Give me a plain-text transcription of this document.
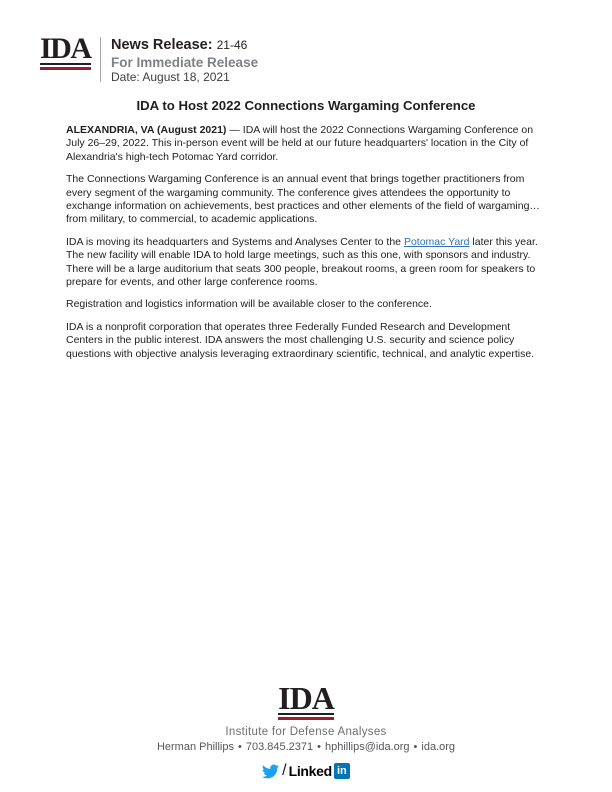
IDA News Release: 21-46
For Immediate Release
Date: August 18, 2021
IDA to Host 2022 Connections Wargaming Conference

ALEXANDRIA, VA (August 2021) — IDA will host the 2022 Connections Wargaming Conference on July 26–29, 2022. This in-person event will be held at our future headquarters' location in the City of Alexandria's high-tech Potomac Yard corridor.

The Connections Wargaming Conference is an annual event that brings together practitioners from every segment of the wargaming community. The conference gives attendees the opportunity to exchange information on achievements, best practices and other elements of the field of wargaming…from military, to commercial, to academic applications.

IDA is moving its headquarters and Systems and Analyses Center to the Potomac Yard later this year. The new facility will enable IDA to hold large meetings, such as this one, with sponsors and industry. There will be a large auditorium that seats 300 people, breakout rooms, a green room for speakers to prepare for events, and other large conference rooms.

Registration and logistics information will be available closer to the conference.

IDA is a nonprofit corporation that operates three Federally Funded Research and Development Centers in the public interest. IDA answers the most challenging U.S. security and science policy questions with objective analysis leveraging extraordinary scientific, technical, and analytic expertise.

IDA
Institute for Defense Analyses
Herman Phillips • 703.845.2371 • hphillips@ida.org • ida.org
/ Linked in
